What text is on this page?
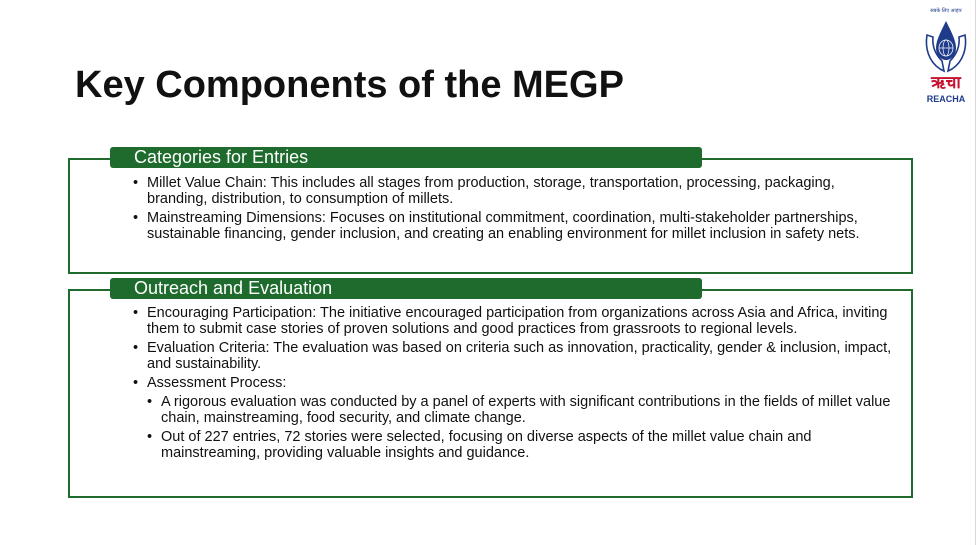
Key Components of the MEGP
सबके लिए आहार
ऋचा
REACHA
Categories for Entries
• Millet Value Chain: This includes all stages from production, storage, transportation, processing, packaging, branding, distribution, to consumption of millets.
• Mainstreaming Dimensions: Focuses on institutional commitment, coordination, multi-stakeholder partnerships, sustainable financing, gender inclusion, and creating an enabling environment for millet inclusion in safety nets.
Outreach and Evaluation
• Encouraging Participation: The initiative encouraged participation from organizations across Asia and Africa, inviting them to submit case stories of proven solutions and good practices from grassroots to regional levels.
• Evaluation Criteria: The evaluation was based on criteria such as innovation, practicality, gender & inclusion, impact, and sustainability.
• Assessment Process:
• A rigorous evaluation was conducted by a panel of experts with significant contributions in the fields of millet value chain, mainstreaming, food security, and climate change.
• Out of 227 entries, 72 stories were selected, focusing on diverse aspects of the millet value chain and mainstreaming, providing valuable insights and guidance.
